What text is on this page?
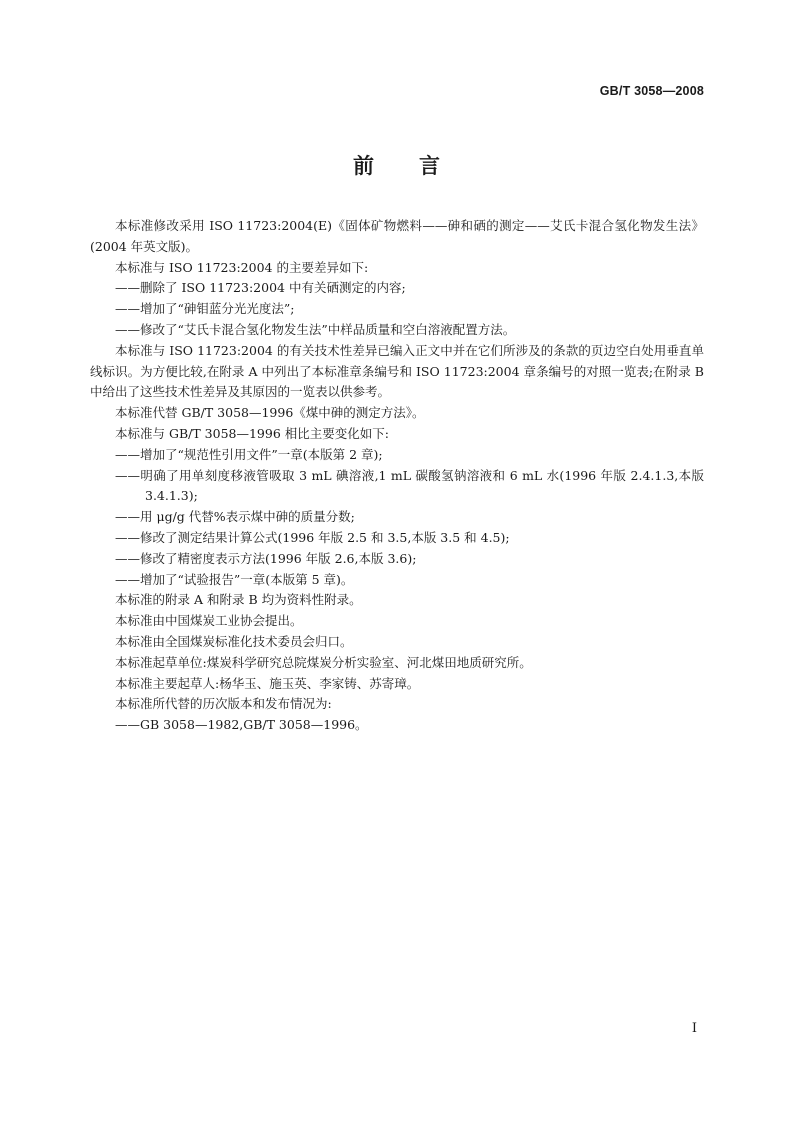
GB/T 3058—2008
前 言

本标准修改采用 ISO 11723:2004(E)《固体矿物燃料——砷和硒的测定——艾氏卡混合氢化物发生法》(2004 年英文版)。

本标准与 ISO 11723:2004 的主要差异如下:

——删除了 ISO 11723:2004 中有关硒测定的内容;

——增加了“砷钼蓝分光光度法”;

——修改了“艾氏卡混合氢化物发生法”中样品质量和空白溶液配置方法。

本标准与 ISO 11723:2004 的有关技术性差异已编入正文中并在它们所涉及的条款的页边空白处用垂直单线标识。为方便比较,在附录 A 中列出了本标准章条编号和 ISO 11723:2004 章条编号的对照一览表;在附录 B 中给出了这些技术性差异及其原因的一览表以供参考。

本标准代替 GB/T 3058—1996《煤中砷的测定方法》。

本标准与 GB/T 3058—1996 相比主要变化如下:

——增加了“规范性引用文件”一章(本版第 2 章);

——明确了用单刻度移液管吸取 3 mL 碘溶液,1 mL 碳酸氢钠溶液和 6 mL 水(1996 年版 2.4.1.3,本版3.4.1.3);

——用 μg/g 代替%表示煤中砷的质量分数;

——修改了测定结果计算公式(1996 年版 2.5 和 3.5,本版 3.5 和 4.5);

——修改了精密度表示方法(1996 年版 2.6,本版 3.6);

——增加了“试验报告”一章(本版第 5 章)。

本标准的附录 A 和附录 B 均为资料性附录。

本标准由中国煤炭工业协会提出。

本标准由全国煤炭标准化技术委员会归口。

本标准起草单位:煤炭科学研究总院煤炭分析实验室、河北煤田地质研究所。

本标准主要起草人:杨华玉、施玉英、李家铸、苏寄璋。

本标准所代替的历次版本和发布情况为:

——GB 3058—1982,GB/T 3058—1996。

I
